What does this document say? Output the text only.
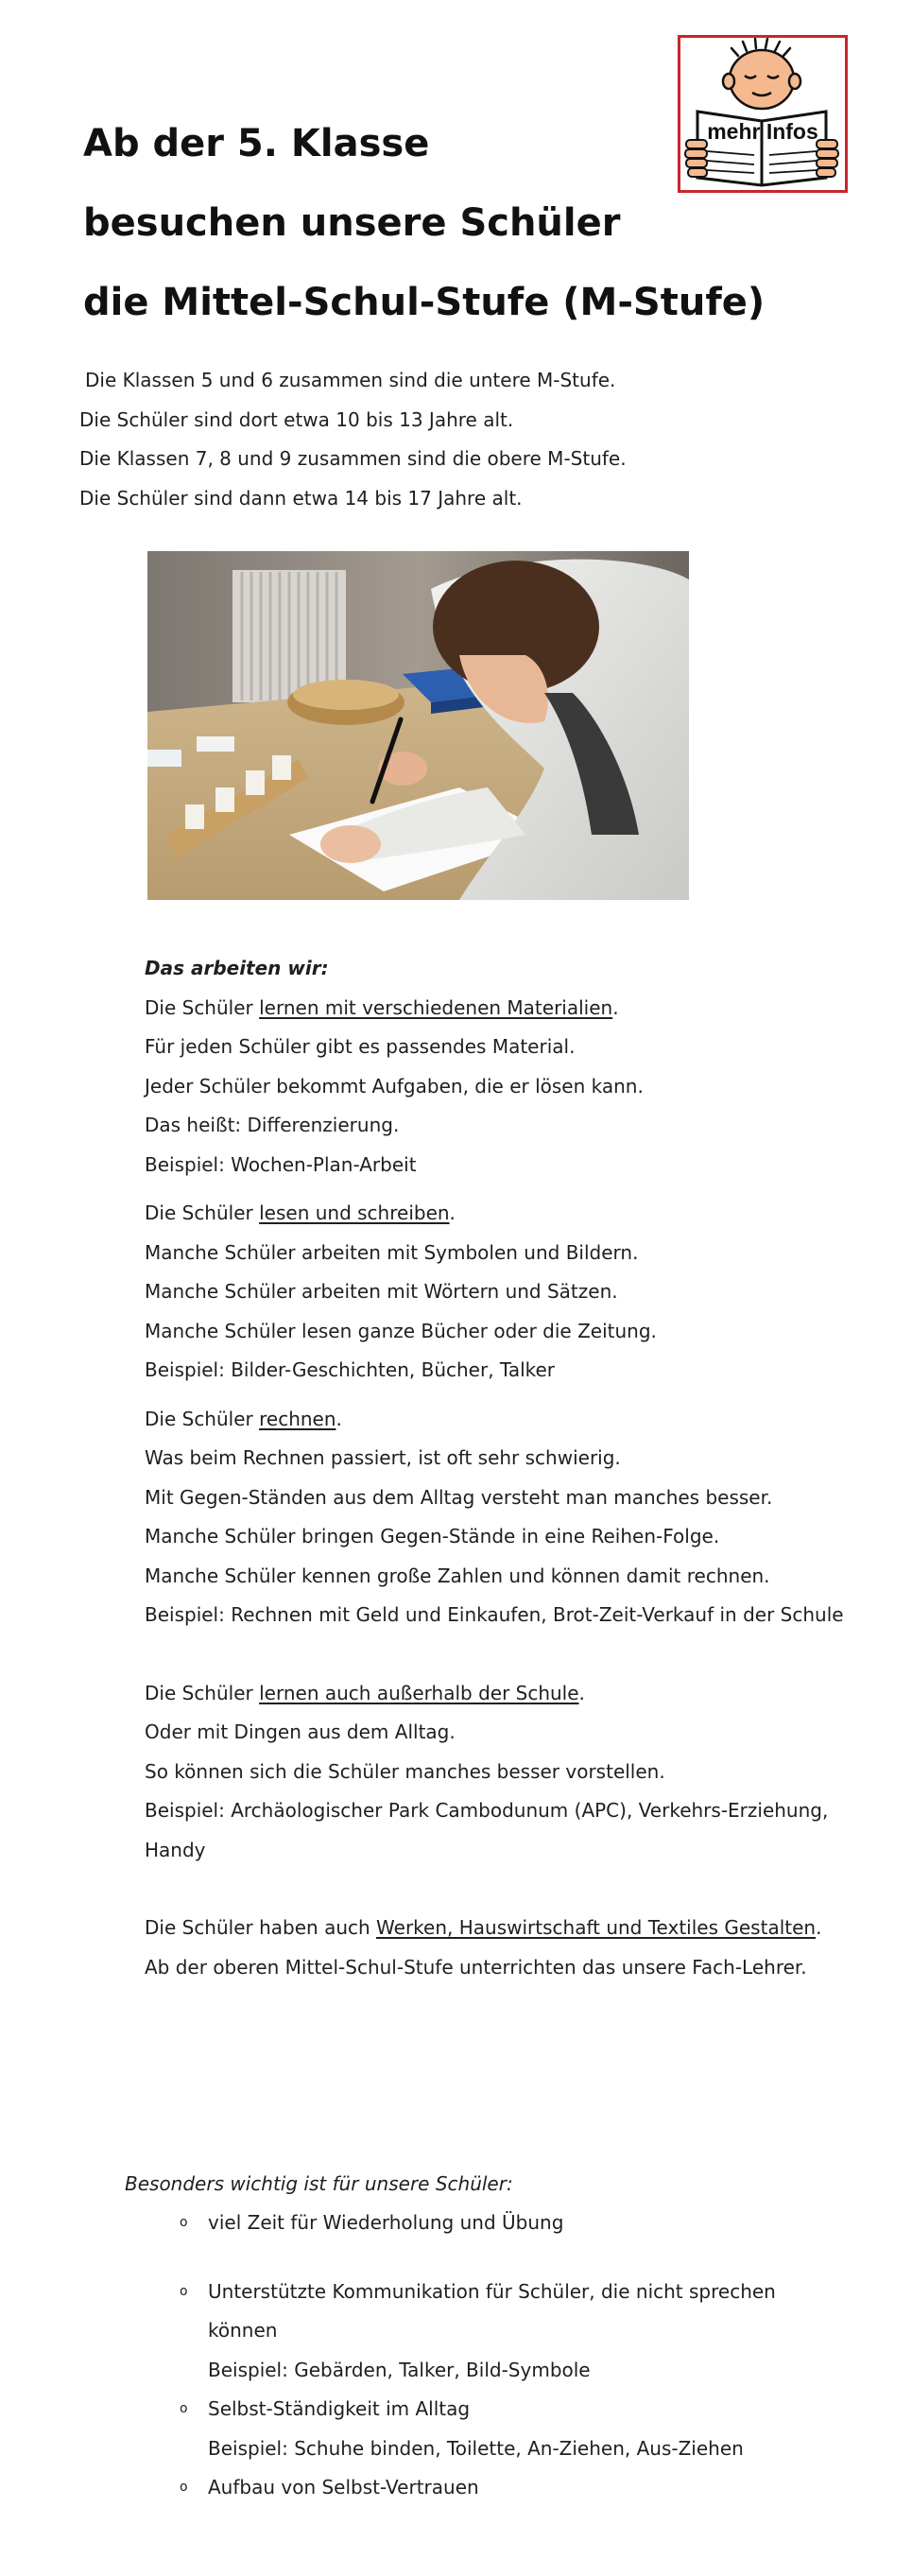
mehr Infos
Ab der 5. Klasse
besuchen unsere Schüler
die Mittel-Schul-Stufe (M-Stufe)

Die Klassen 5 und 6 zusammen sind die untere M-Stufe.

Die Schüler sind dort etwa 10 bis 13 Jahre alt.

Die Klassen 7, 8 und 9 zusammen sind die obere M-Stufe.

Die Schüler sind dann etwa 14 bis 17 Jahre alt.

Das arbeiten wir:

Die Schüler lernen mit verschiedenen Materialien.

Für jeden Schüler gibt es passendes Material.

Jeder Schüler bekommt Aufgaben, die er lösen kann.

Das heißt: Differenzierung.

Beispiel: Wochen-Plan-Arbeit

Die Schüler lesen und schreiben.

Manche Schüler arbeiten mit Symbolen und Bildern.

Manche Schüler arbeiten mit Wörtern und Sätzen.

Manche Schüler lesen ganze Bücher oder die Zeitung.

Beispiel: Bilder-Geschichten, Bücher, Talker

Die Schüler rechnen.

Was beim Rechnen passiert, ist oft sehr schwierig.

Mit Gegen-Ständen aus dem Alltag versteht man manches besser.

Manche Schüler bringen Gegen-Stände in eine Reihen-Folge.

Manche Schüler kennen große Zahlen und können damit rechnen.

Beispiel: Rechnen mit Geld und Einkaufen, Brot-Zeit-Verkauf in der Schule

Die Schüler lernen auch außerhalb der Schule.

Oder mit Dingen aus dem Alltag.

So können sich die Schüler manches besser vorstellen.

Beispiel: Archäologischer Park Cambodunum (APC), Verkehrs-Erziehung, Handy

Die Schüler haben auch Werken, Hauswirtschaft und Textiles Gestalten.

Ab der oberen Mittel-Schul-Stufe unterrichten das unsere Fach-Lehrer.

Besonders wichtig ist für unsere Schüler:
o viel Zeit für Wiederholung und Übung

o Unterstützte Kommunikation für Schüler, die nicht sprechen können

Beispiel: Gebärden, Talker, Bild-Symbole

o Selbst-Ständigkeit im Alltag

Beispiel: Schuhe binden, Toilette, An-Ziehen, Aus-Ziehen

o Aufbau von Selbst-Vertrauen
